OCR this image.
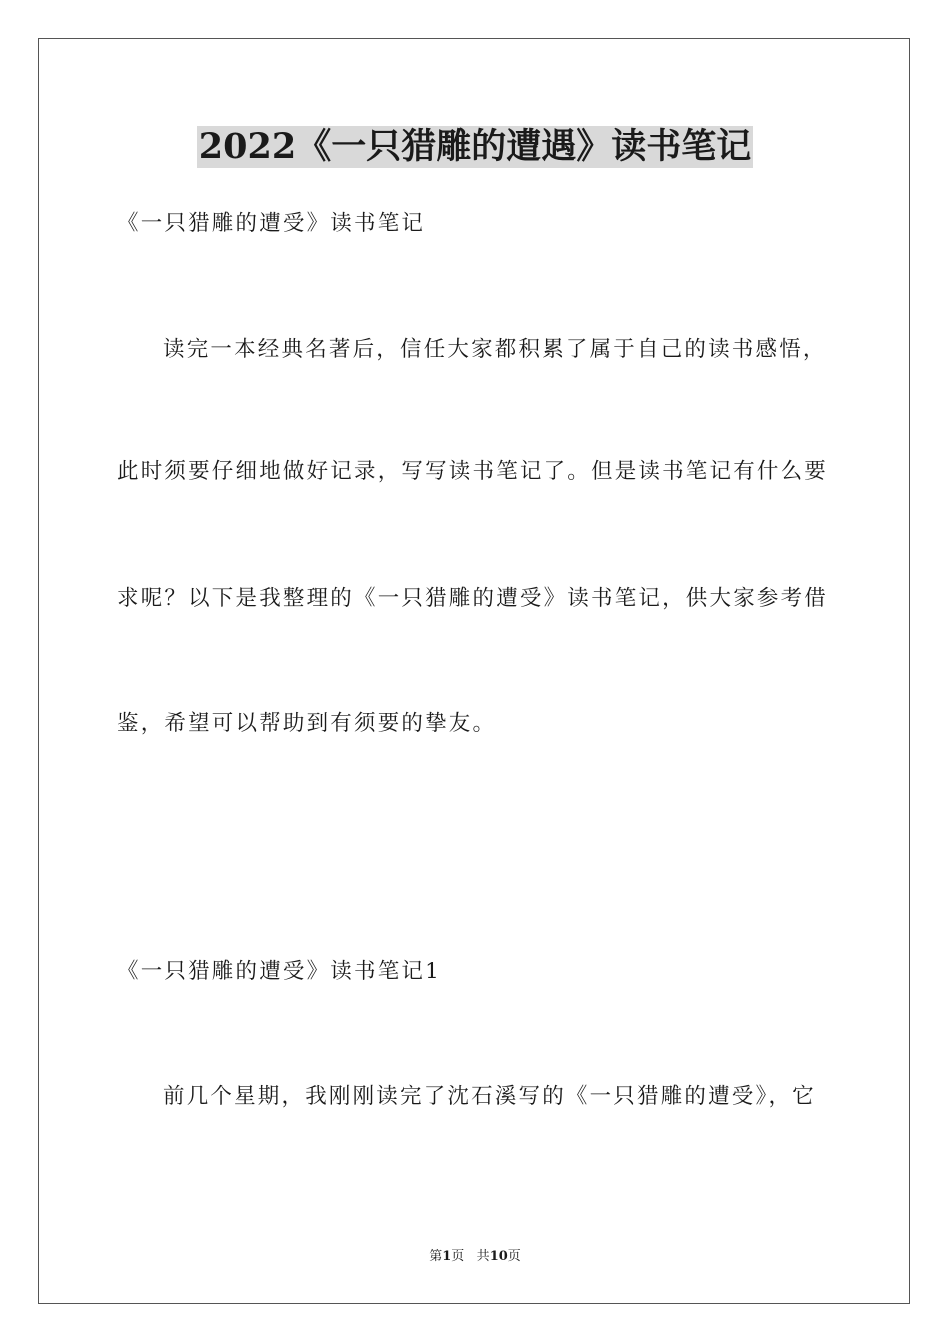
2022《一只猎雕的遭遇》读书笔记
《一只猎雕的遭受》读书笔记
读完一本经典名著后，信任大家都积累了属于自己的读书感悟，
此时须要仔细地做好记录，写写读书笔记了。但是读书笔记有什么要
求呢？以下是我整理的《一只猎雕的遭受》读书笔记，供大家参考借
鉴，希望可以帮助到有须要的挚友。
《一只猎雕的遭受》读书笔记1
前几个星期，我刚刚读完了沈石溪写的《一只猎雕的遭受》，它
第1页 共10页
